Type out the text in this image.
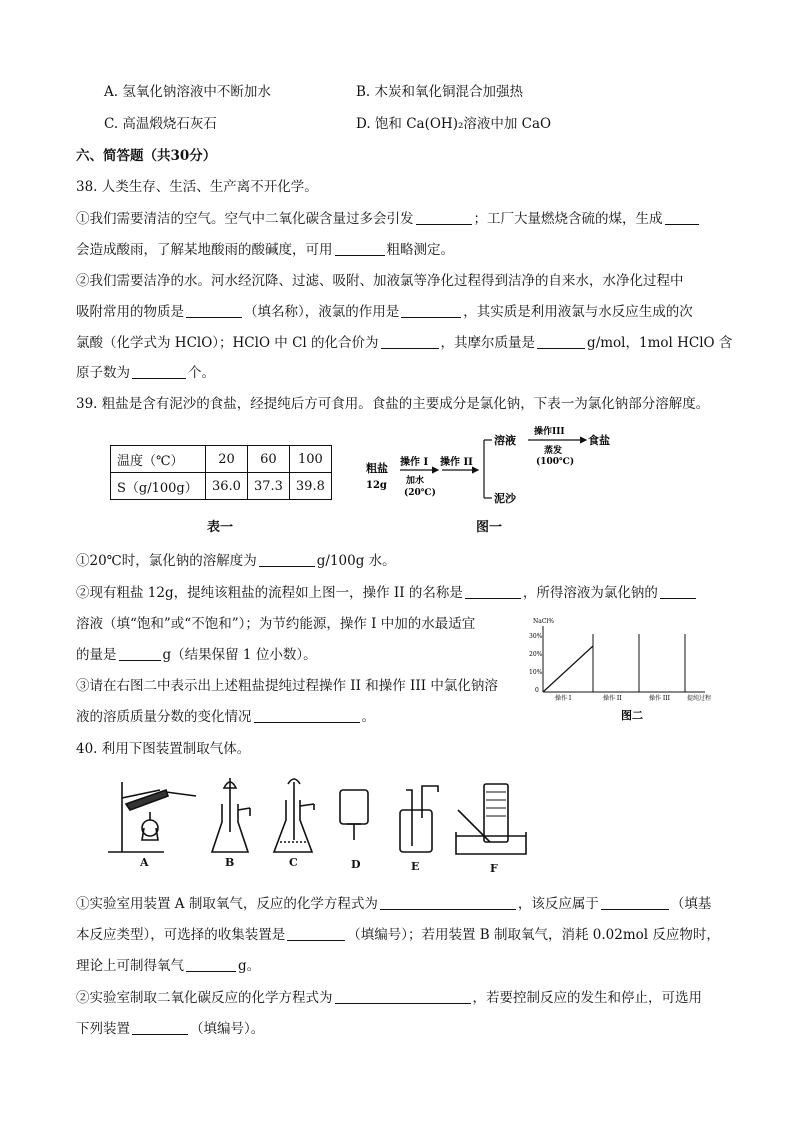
A. 氢氧化钠溶液中不断加水	B. 木炭和氧化铜混合加强热
C. 高温煅烧石灰石	D. 饱和 Ca(OH)₂溶液中加 CaO
六、简答题（共30分）
38. 人类生存、生活、生产离不开化学。
①我们需要清洁的空气。空气中二氧化碳含量过多会引发	；工厂大量燃烧含硫的煤，生成
会造成酸雨，了解某地酸雨的酸碱度，可用	粗略测定。
②我们需要洁净的水。河水经沉降、过滤、吸附、加液氯等净化过程得到洁净的自来水，水净化过程中
吸附常用的物质是	（填名称），液氯的作用是	，其实质是利用液氯与水反应生成的次
氯酸（化学式为 HClO）；HClO 中 Cl 的化合价为	，其摩尔质量是	g/mol，1mol HClO 含
原子数为	个。
39. 粗盐是含有泥沙的食盐，经提纯后方可食用。食盐的主要成分是氯化钠，下表一为氯化钠部分溶解度。
温度（℃）	20	60	100
S（g/100g）	36.0	37.3	39.8
表一
粗盐
12g
操作 I
加水
(20℃)
操作 II
溶液
操作III
蒸发
(100℃)
食盐
泥沙
图一
①20℃时，氯化钠的溶解度为	g/100g 水。
②现有粗盐 12g，提纯该粗盐的流程如上图一，操作 II 的名称是	，所得溶液为氯化钠的
溶液（填“饱和”或“不饱和”）；为节约能源，操作 I 中加的水最适宜
的量是	g（结果保留 1 位小数）。
③请在右图二中表示出上述粗盐提纯过程操作 II 和操作 III 中氯化钠溶
液的溶质质量分数的变化情况	。
NaCl%
30%
20%
10%
0
操作 I	操作 II	操作 III	提纯过程
图二
40. 利用下图装置制取气体。
A	B	C	D	E	F
①实验室用装置 A 制取氧气，反应的化学方程式为	，该反应属于	（填基
本反应类型），可选择的收集装置是	（填编号）；若用装置 B 制取氧气，消耗 0.02mol 反应物时，
理论上可制得氧气	g。
②实验室制取二氧化碳反应的化学方程式为	，若要控制反应的发生和停止，可选用
下列装置	（填编号）。
